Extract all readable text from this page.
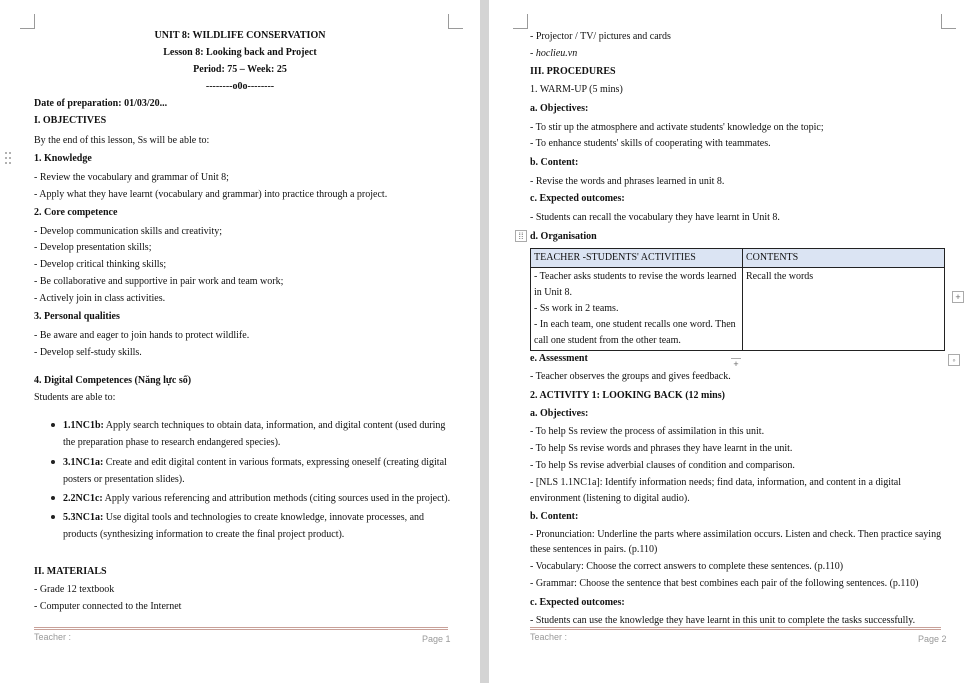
UNIT 8: WILDLIFE CONSERVATION
Lesson 8: Looking back and Project
Period: 75 – Week: 25
--------o0o--------
Date of preparation: 01/03/20...
I. OBJECTIVES
By the end of this lesson, Ss will be able to:
1. Knowledge
- Review the vocabulary and grammar of Unit 8;
- Apply what they have learnt (vocabulary and grammar) into practice through a project.
2. Core competence
- Develop communication skills and creativity;
- Develop presentation skills;
- Develop critical thinking skills;
- Be collaborative and supportive in pair work and team work;
- Actively join in class activities.
3. Personal qualities
- Be aware and eager to join hands to protect wildlife.
- Develop self-study skills.
4. Digital Competences (Năng lực số)
Students are able to:
1.1NC1b: Apply search techniques to obtain data, information, and digital content (used during
the preparation phase to research endangered species).
3.1NC1a: Create and edit digital content in various formats, expressing oneself (creating digital
posters or presentation slides).
2.2NC1c: Apply various referencing and attribution methods (citing sources used in the project).
5.3NC1a: Use digital tools and technologies to create knowledge, innovate processes, and
products (synthesizing information to create the final project product).
II. MATERIALS
- Grade 12 textbook
- Computer connected to the Internet
Teacher :	Page 1
- Projector / TV/ pictures and cards
- hoclieu.vn
III. PROCEDURES
1. WARM-UP (5 mins)
a. Objectives:
- To stir up the atmosphere and activate students' knowledge on the topic;
- To enhance students' skills of cooperating with teammates.
b. Content:
- Revise the words and phrases learned in unit 8.
c. Expected outcomes:
- Students can recall the vocabulary they have learnt in Unit 8.
⁞⁞ d. Organisation
TEACHER -STUDENTS' ACTIVITIES	CONTENTS

- Teacher asks students to revise the words learned
in Unit 8.
- Ss work in 2 teams.
- In each team, one student recalls one word. Then
call one student from the other team.	Recall the words
+
+	◦
e. Assessment
- Teacher observes the groups and gives feedback.
2. ACTIVITY 1: LOOKING BACK (12 mins)
a. Objectives:
- To help Ss review the process of assimilation in this unit.
- To help Ss revise words and phrases they have learnt in the unit.
- To help Ss revise adverbial clauses of condition and comparison.
- [NLS 1.1NC1a]: Identify information needs; find data, information, and content in a digital
environment (listening to digital audio).
b. Content:
- Pronunciation: Underline the parts where assimilation occurs. Listen and check. Then practice saying
these sentences in pairs. (p.110)
- Vocabulary: Choose the correct answers to complete these sentences. (p.110)
- Grammar: Choose the sentence that best combines each pair of the following sentences. (p.110)
c. Expected outcomes:
- Students can use the knowledge they have learnt in this unit to complete the tasks successfully.
Teacher :	Page 2
